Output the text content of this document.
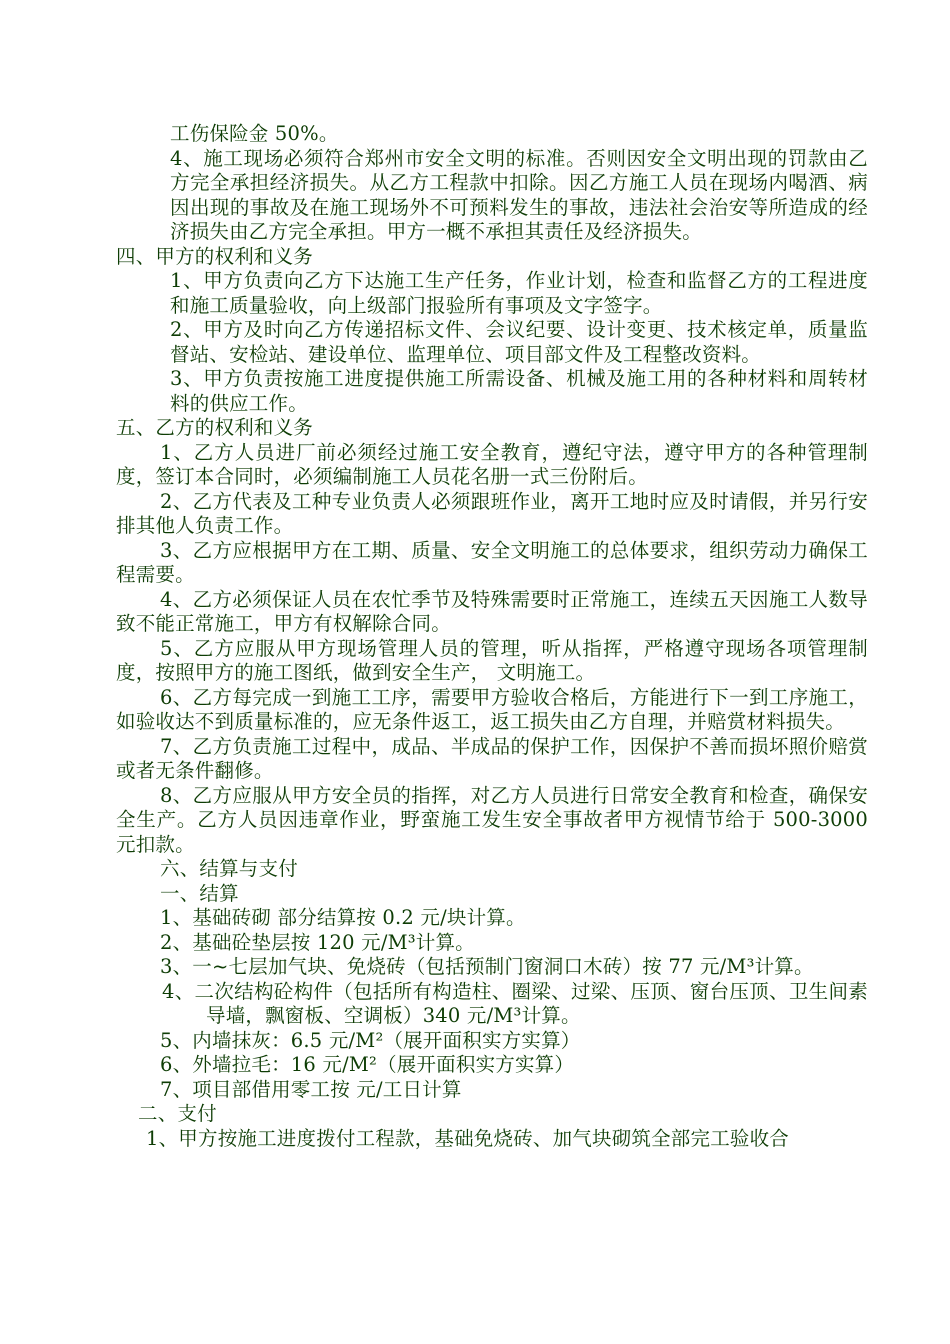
工伤保险金 50%。

4、施工现场必须符合郑州市安全文明的标准。否则因安全文明出现的罚款由乙方完全承担经济损失。从乙方工程款中扣除。因乙方施工人员在现场内喝酒、病因出现的事故及在施工现场外不可预料发生的事故，违法社会治安等所造成的经济损失由乙方完全承担。甲方一概不承担其责任及经济损失。

四、甲方的权利和义务

1、甲方负责向乙方下达施工生产任务，作业计划，检查和监督乙方的工程进度和施工质量验收，向上级部门报验所有事项及文字签字。

2、甲方及时向乙方传递招标文件、会议纪要、设计变更、技术核定单，质量监督站、安检站、建设单位、监理单位、项目部文件及工程整改资料。

3、甲方负责按施工进度提供施工所需设备、机械及施工用的各种材料和周转材料的供应工作。

五、乙方的权利和义务

1、乙方人员进厂前必须经过施工安全教育，遵纪守法，遵守甲方的各种管理制度，签订本合同时，必须编制施工人员花名册一式三份附后。

2、乙方代表及工种专业负责人必须跟班作业，离开工地时应及时请假，并另行安排其他人负责工作。

3、乙方应根据甲方在工期、质量、安全文明施工的总体要求，组织劳动力确保工程需要。

4、乙方必须保证人员在农忙季节及特殊需要时正常施工，连续五天因施工人数导致不能正常施工，甲方有权解除合同。

5、乙方应服从甲方现场管理人员的管理，听从指挥，严格遵守现场各项管理制度，按照甲方的施工图纸，做到安全生产， 文明施工。

6、乙方每完成一到施工工序，需要甲方验收合格后，方能进行下一到工序施工，如验收达不到质量标准的，应无条件返工，返工损失由乙方自理，并赔赏材料损失。

7、乙方负责施工过程中，成品、半成品的保护工作，因保护不善而损坏照价赔赏或者无条件翻修。

8、乙方应服从甲方安全员的指挥，对乙方人员进行日常安全教育和检查，确保安全生产。乙方人员因违章作业，野蛮施工发生安全事故者甲方视情节给于 500-3000 元扣款。

六、结算与支付

一、结算

1、基础砖砌 部分结算按 0.2 元/块计算。

2、基础砼垫层按 120 元/M³计算。

3、一~七层加气块、免烧砖（包括预制门窗洞口木砖）按 77 元/M³计算。

4、二次结构砼构件（包括所有构造柱、圈梁、过梁、压顶、窗台压顶、卫生间素导墙，飘窗板、空调板）340 元/M³计算。

5、内墙抹灰：6.5 元/M²（展开面积实方实算）

6、外墙拉毛：16 元/M²（展开面积实方实算）

7、项目部借用零工按 元/工日计算

二、支付

1、甲方按施工进度拨付工程款，基础免烧砖、加气块砌筑全部完工验收合
